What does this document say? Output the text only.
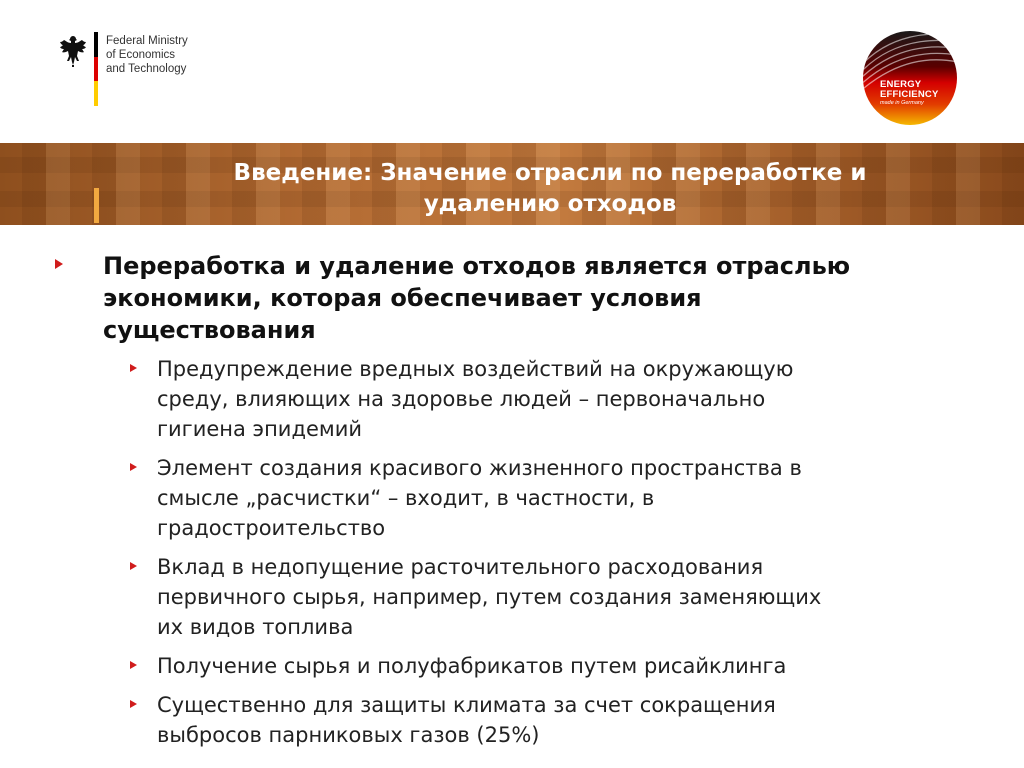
Federal Ministry
of Economics
and Technology
ENERGY
EFFICIENCY
made in Germany
Введение: Значение отрасли по переработке и
удалению отходов
Переработка и удаление отходов является отраслью
экономики, которая обеспечивает условия
существования
Предупреждение вредных воздействий на окружающую
среду, влияющих на здоровье людей – первоначально
гигиена эпидемий
Элемент создания красивого жизненного пространства в
смысле „расчистки“ – входит, в частности, в
градостроительство
Вклад в недопущение расточительного расходования
первичного сырья, например, путем создания заменяющих
их видов топлива
Получение сырья и полуфабрикатов путем рисайклинга
Существенно для защиты климата за счет сокращения
выбросов парниковых газов (25%)
